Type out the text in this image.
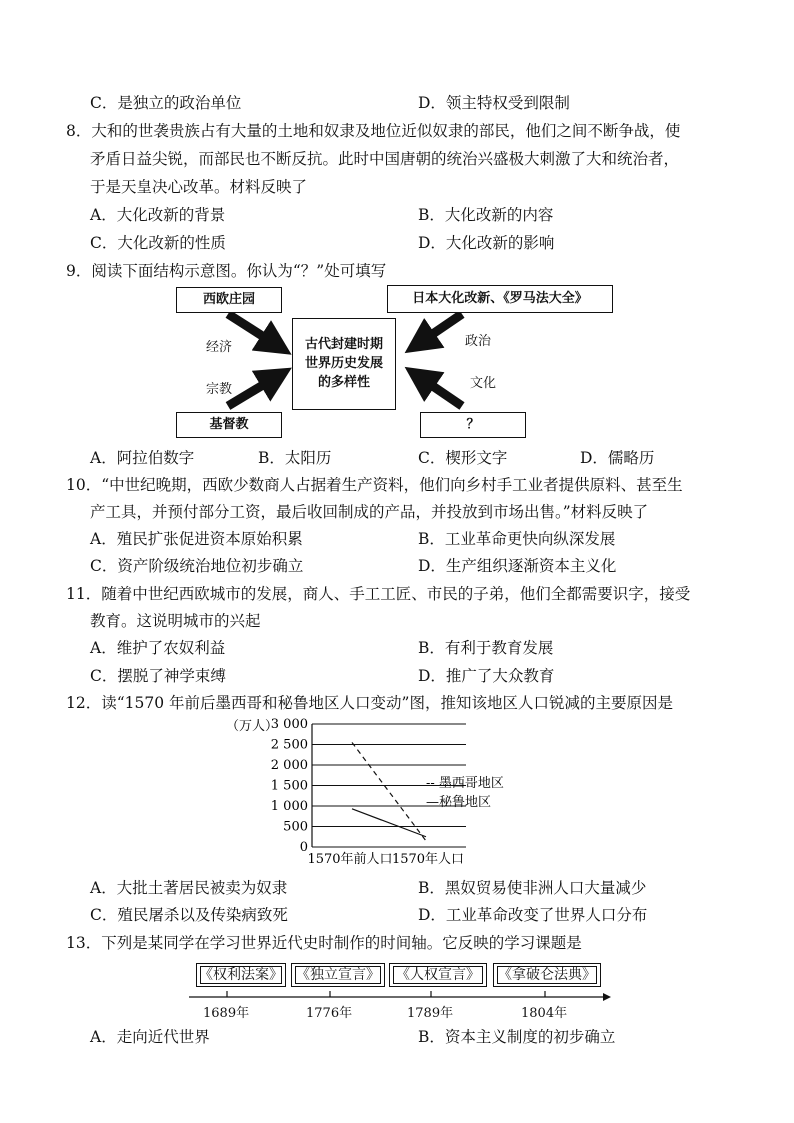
C．是独立的政治单位	D．领主特权受到限制
8．大和的世袭贵族占有大量的土地和奴隶及地位近似奴隶的部民，他们之间不断争战，使
矛盾日益尖锐，而部民也不断反抗。此时中国唐朝的统治兴盛极大刺激了大和统治者，
于是天皇决心改革。材料反映了
A．大化改新的背景	B．大化改新的内容
C．大化改新的性质	D．大化改新的影响
9．阅读下面结构示意图。你认为“？”处可填写
西欧庄园	日本大化改新、《罗马法大全》
基督教	？
古代封建时期
世界历史发展
的多样性
经济
宗教
政治
文化
A．阿拉伯数字	B．太阳历	C．楔形文字	D．儒略历
10．“中世纪晚期，西欧少数商人占据着生产资料，他们向乡村手工业者提供原料、甚至生
产工具，并预付部分工资，最后收回制成的产品，并投放到市场出售。”材料反映了
A．殖民扩张促进资本原始积累	B．工业革命更快向纵深发展
C．资产阶级统治地位初步确立	D．生产组织逐渐资本主义化
11．随着中世纪西欧城市的发展，商人、手工工匠、市民的子弟，他们全都需要识字，接受
教育。这说明城市的兴起
A．维护了农奴利益	B．有利于教育发展
C．摆脱了神学束缚	D．推广了大众教育
12．读“1570 年前后墨西哥和秘鲁地区人口变动”图，推知该地区人口锐减的主要原因是
0
500
1 000
1 500
2 000
2 500
3 000
1570年前人口 1570年人口
（万人）
-- 墨西哥地区
—秘鲁地区
A．大批土著居民被卖为奴隶	B．黑奴贸易使非洲人口大量减少
C．殖民屠杀以及传染病致死	D．工业革命改变了世界人口分布
13．下列是某同学在学习世界近代史时制作的时间轴。它反映的学习课题是
《权利法案》 《独立宣言》	《人权宣言》	《拿破仑法典》
1689年	1776年	1789年	1804年
A．走向近代世界	B．资本主义制度的初步确立
